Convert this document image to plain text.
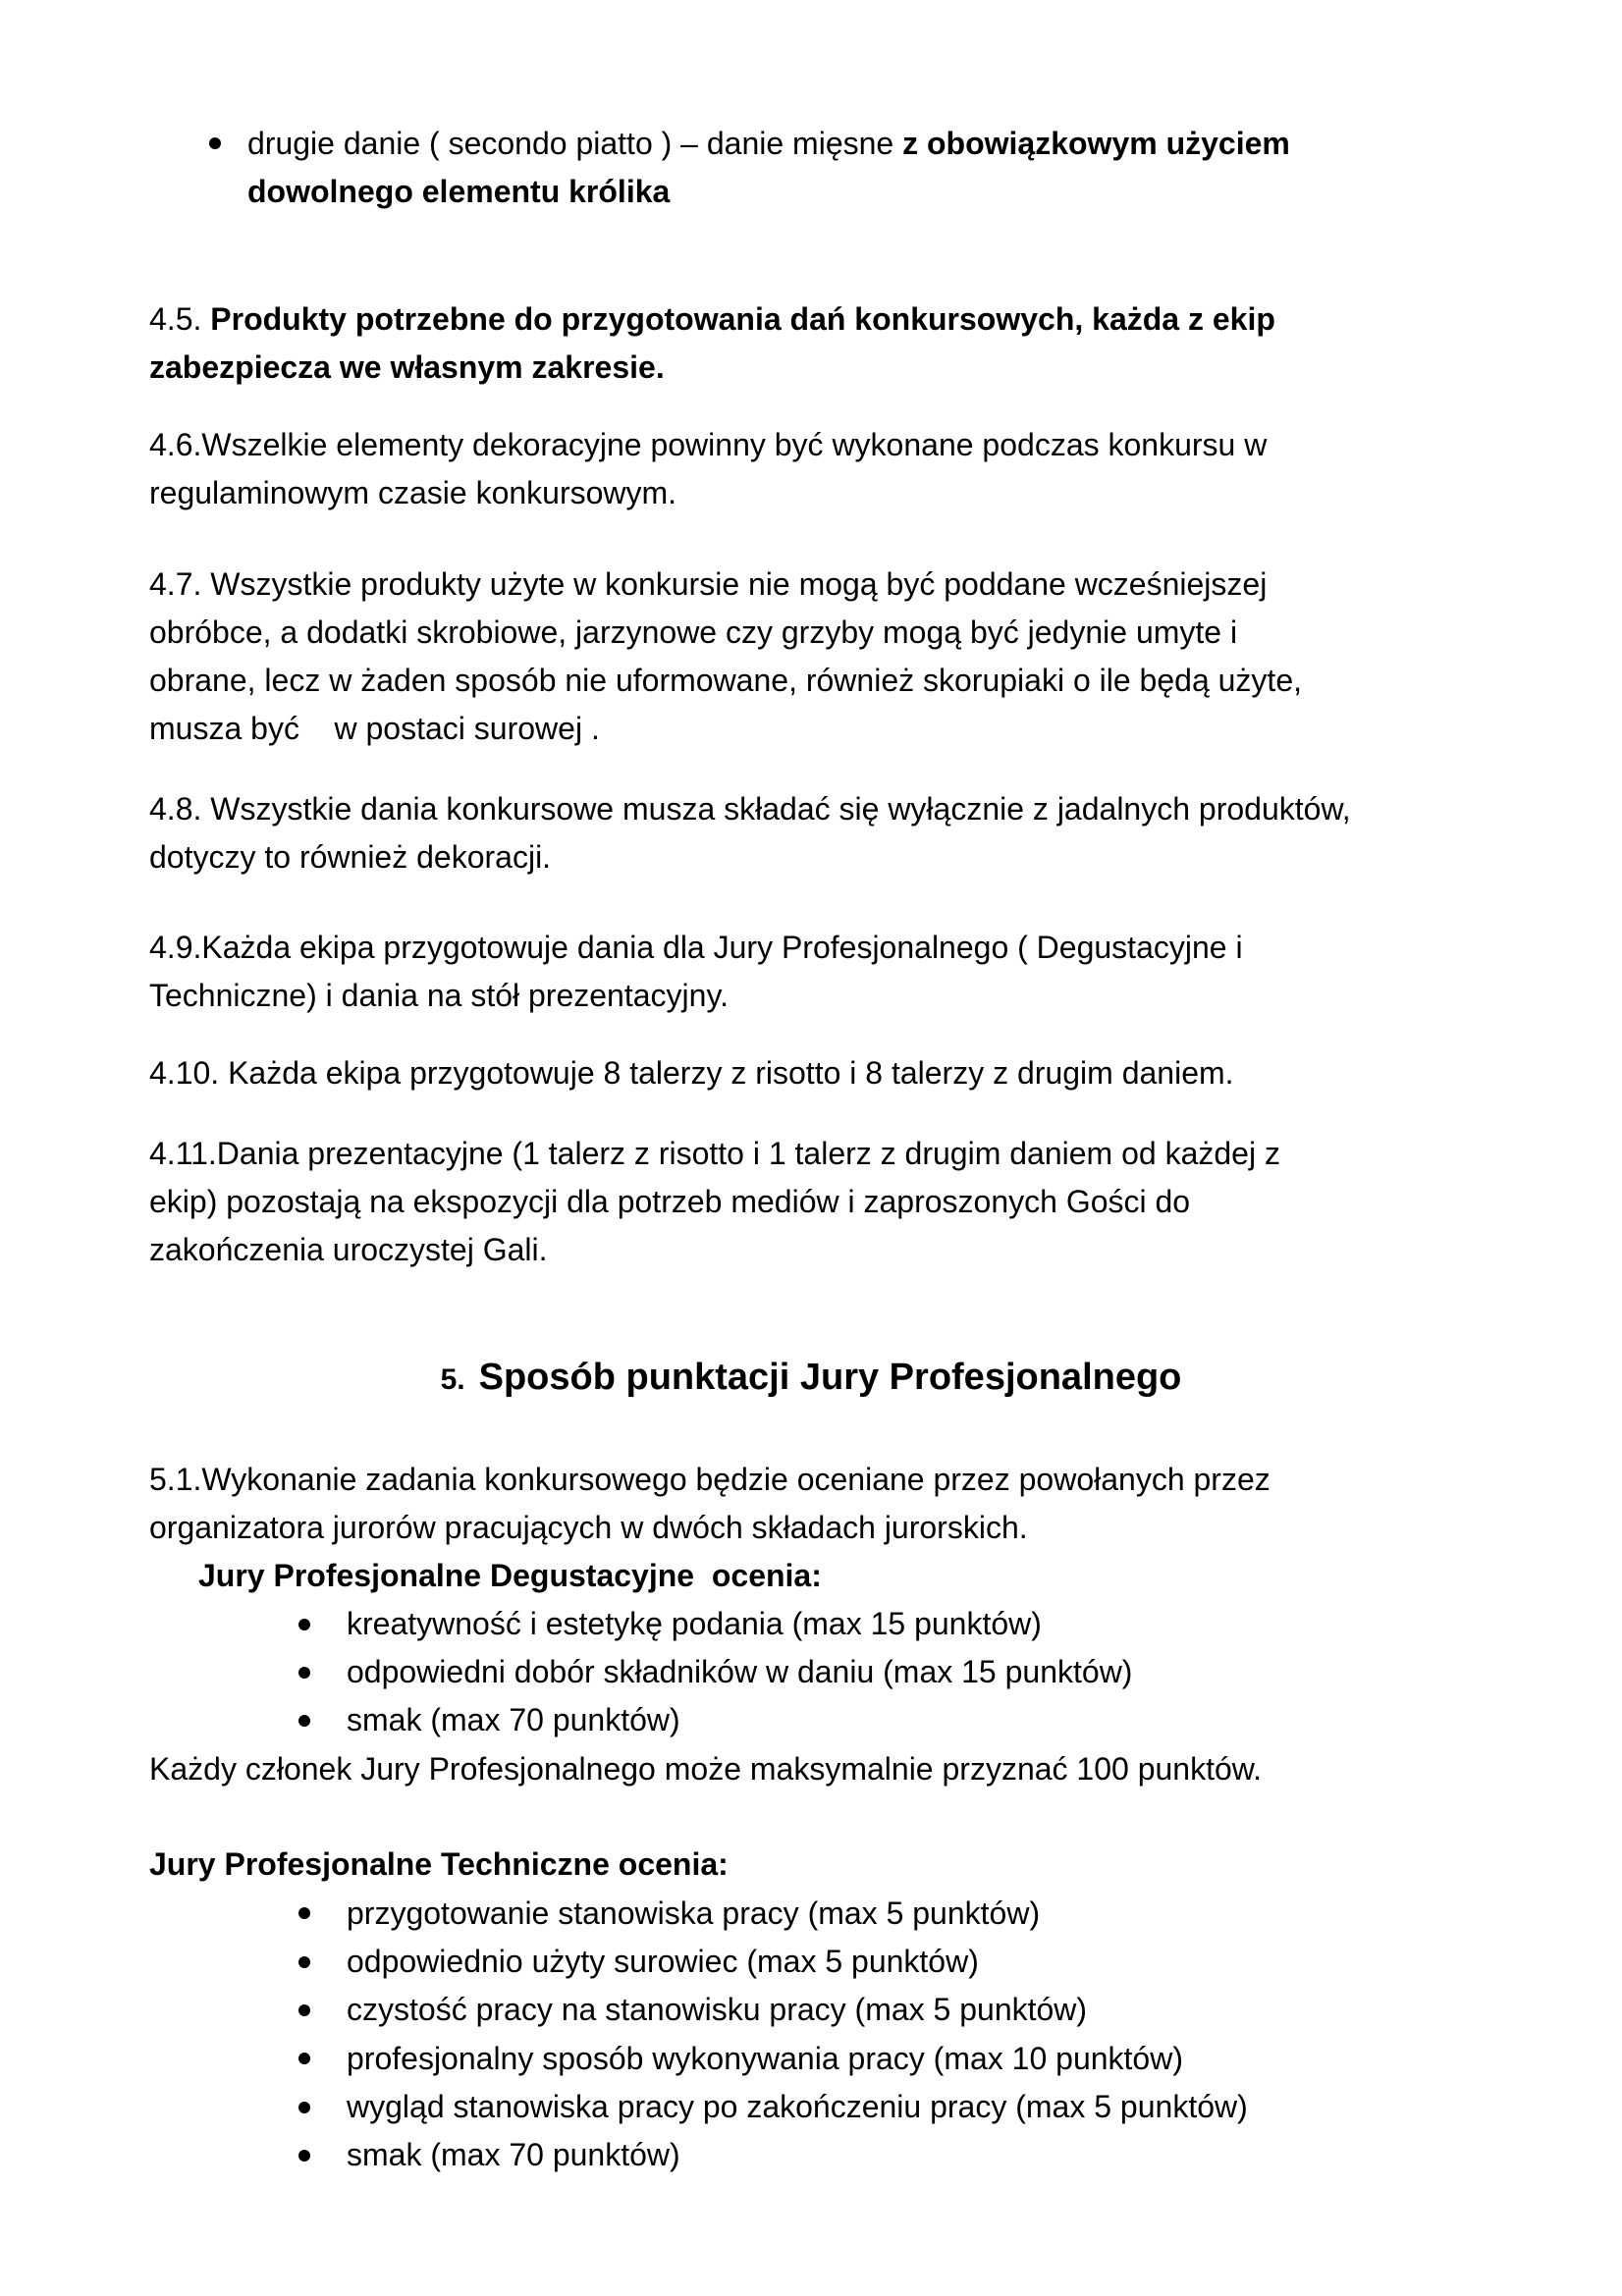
drugie danie ( secondo piatto ) – danie mięsne z obowiązkowym użyciem
dowolnego elementu królika
4.5. Produkty potrzebne do przygotowania dań konkursowych, każda z ekip
zabezpiecza we własnym zakresie.
4.6.Wszelkie elementy dekoracyjne powinny być wykonane podczas konkursu w
regulaminowym czasie konkursowym.
4.7. Wszystkie produkty użyte w konkursie nie mogą być poddane wcześniejszej
obróbce, a dodatki skrobiowe, jarzynowe czy grzyby mogą być jedynie umyte i
obrane, lecz w żaden sposób nie uformowane, również skorupiaki o ile będą użyte,
musza być    w postaci surowej .
4.8. Wszystkie dania konkursowe musza składać się wyłącznie z jadalnych produktów,
dotyczy to również dekoracji.
4.9.Każda ekipa przygotowuje dania dla Jury Profesjonalnego ( Degustacyjne i
Techniczne) i dania na stół prezentacyjny.
4.10. Każda ekipa przygotowuje 8 talerzy z risotto i 8 talerzy z drugim daniem.
4.11.Dania prezentacyjne (1 talerz z risotto i 1 talerz z drugim daniem od każdej z
ekip) pozostają na ekspozycji dla potrzeb mediów i zaproszonych Gości do
zakończenia uroczystej Gali.
5. Sposób punktacji Jury Profesjonalnego
5.1.Wykonanie zadania konkursowego będzie oceniane przez powołanych przez
organizatora jurorów pracujących w dwóch składach jurorskich.
Jury Profesjonalne Degustacyjne  ocenia:
kreatywność i estetykę podania (max 15 punktów)
odpowiedni dobór składników w daniu (max 15 punktów)
smak (max 70 punktów)
Każdy członek Jury Profesjonalnego może maksymalnie przyznać 100 punktów.
Jury Profesjonalne Techniczne ocenia:
przygotowanie stanowiska pracy (max 5 punktów)
odpowiednio użyty surowiec (max 5 punktów)
czystość pracy na stanowisku pracy (max 5 punktów)
profesjonalny sposób wykonywania pracy (max 10 punktów)
wygląd stanowiska pracy po zakończeniu pracy (max 5 punktów)
smak (max 70 punktów)
